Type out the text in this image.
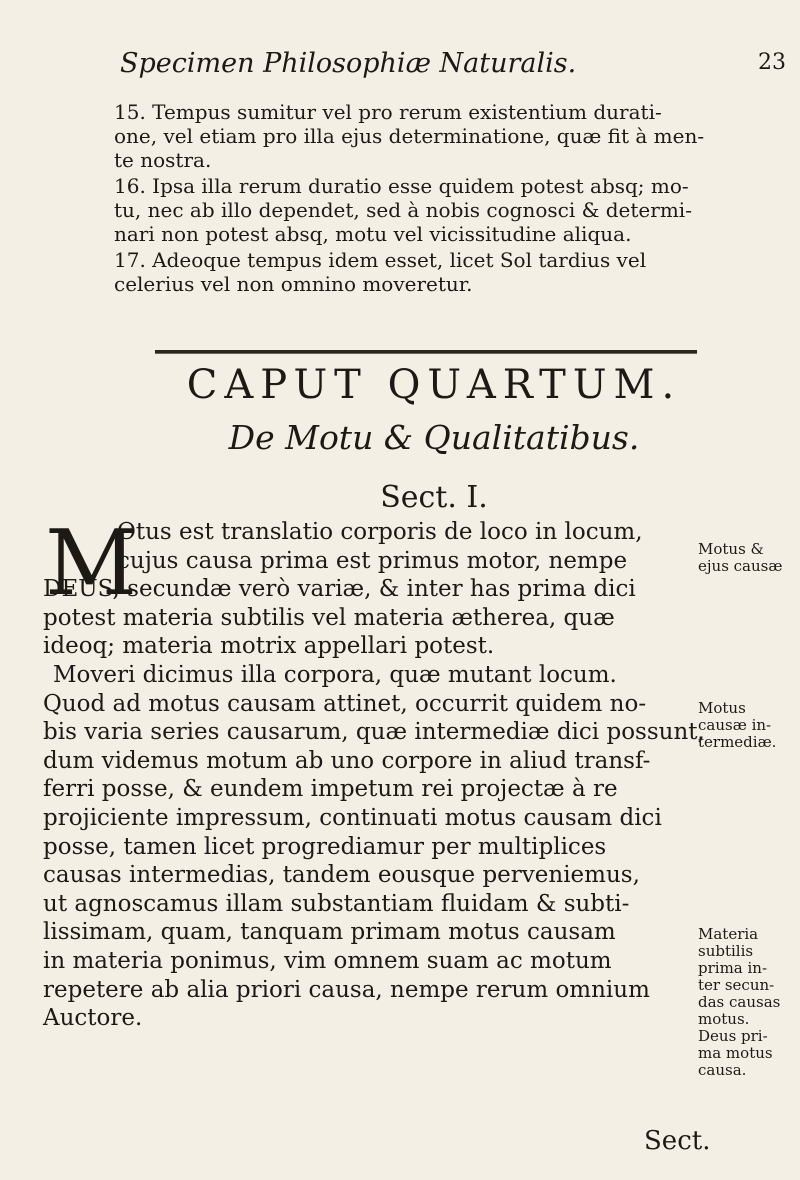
Specimen Philosophiæ Naturalis.	23

15. Tempus sumitur vel pro rerum existentium durati-
one, vel etiam pro illa ejus determinatione, quæ fit à men-
te nostra.

16. Ipsa illa rerum duratio esse quidem potest absq; mo-
tu, nec ab illo dependet, sed à nobis cognosci & determi-
nari non potest absq, motu vel vicissitudine aliqua.

17. Adeoque tempus idem esset, licet Sol tardius vel
celerius vel non omnino moveretur.

CAPUT QUARTUM.
De Motu & Qualitatibus.
Sect. I.
M

Otus est translatio corporis de loco in locum,
cujus causa prima est primus motor, nempe
DEUS, secundæ verò variæ, & inter has prima dici
potest materia subtilis vel materia ætherea, quæ
ideoq; materia motrix appellari potest.
Moveri dicimus illa corpora, quæ mutant locum.
Quod ad motus causam attinet, occurrit quidem no-
bis varia series causarum, quæ intermediæ dici possunt,
dum videmus motum ab uno corpore in aliud transf-
ferri posse, & eundem impetum rei projectæ à re
projiciente impressum, continuati motus causam dici
posse, tamen licet progrediamur per multiplices
causas intermedias, tandem eousque perveniemus,
ut agnoscamus illam substantiam fluidam & subti-
lissimam, quam, tanquam primam motus causam
in materia ponimus, vim omnem suam ac motum
repetere ab alia priori causa, nempe rerum omnium
Auctore.

Motus &
ejus causæ
Motus
causæ in-
termediæ.
Materia
subtilis
prima in-
ter secun-
das causas
motus.
Deus pri-
ma motus
causa.
Sect.
